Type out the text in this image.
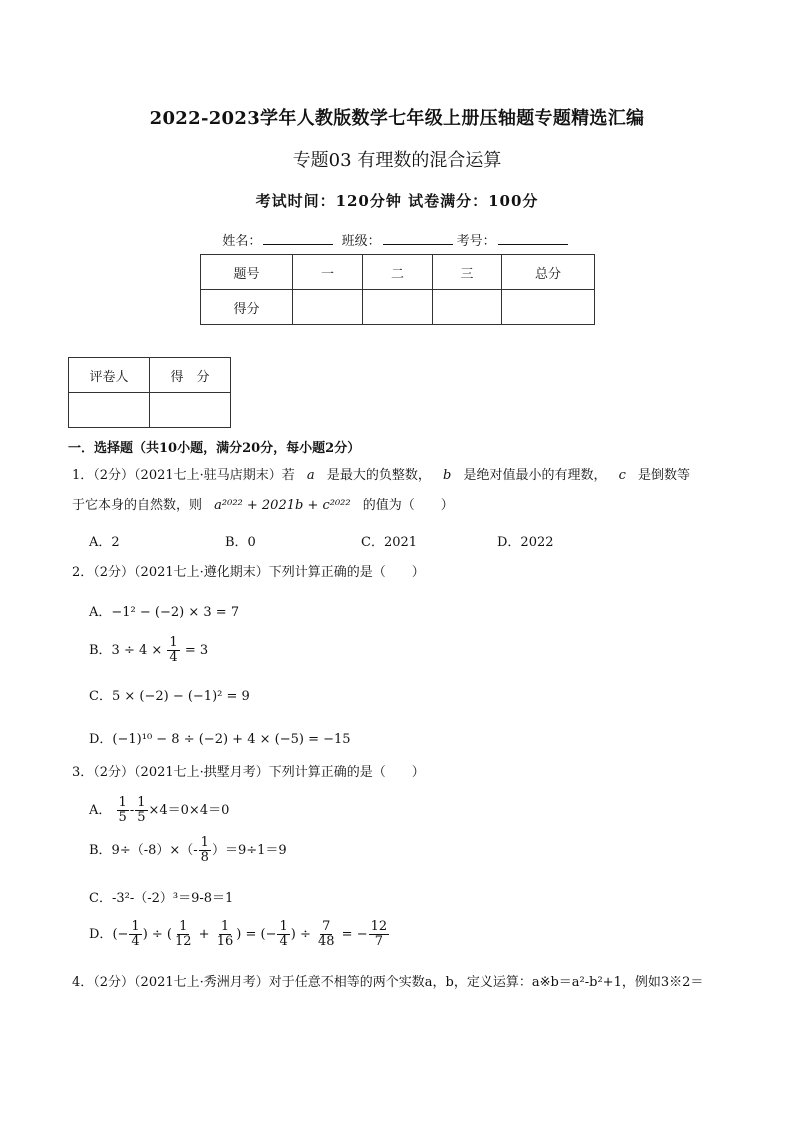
2022-2023学年人教版数学七年级上册压轴题专题精选汇编
专题03 有理数的混合运算
考试时间：120分钟 试卷满分：100分
姓名：	班级：	考号：
题号	一	二	三	总分
得分				
评卷人	得　分

一．选择题（共10小题，满分20分，每小题2分）
1．（2分）（2021七上·驻马店期末）若 a 是最大的负整数， b 是绝对值最小的有理数， c 是倒数等
于它本身的自然数，则 a²⁰²² + 2021b + c²⁰²² 的值为（　　）
A．2	B．0	C．2021	D．2022
2．（2分）（2021七上·遵化期末）下列计算正确的是（　　）
A．−1² − (−2) × 3 = 7
B．$3 \div 4 \times \frac{1}{4} = 3$
C．5 × (−2) − (−1)² = 9
D．(−1)¹⁰ − 8 ÷ (−2) + 4 × (−5) = −15
3．（2分）（2021七上·拱墅月考）下列计算正确的是（　　）
A． $\frac{1}{5} - \frac{1}{5} \times 4=0\times 4=0$
B．$9\div(-8)\times(- \frac{1}{8} )=9\div 1=9$
C．-3²-（-2）³＝9-8＝1
D．(− $\frac{1}{4}$ ) ÷ ( $\frac{1}{12} + \frac{1}{16}$ ) = (− $\frac{1}{4}$ ) ÷ $\frac{7}{48}$ = − $\frac{12}{7}$
4．（2分）（2021七上·秀洲月考）对于任意不相等的两个实数a，b，定义运算：a※b＝a²-b²+1，例如3※2＝
